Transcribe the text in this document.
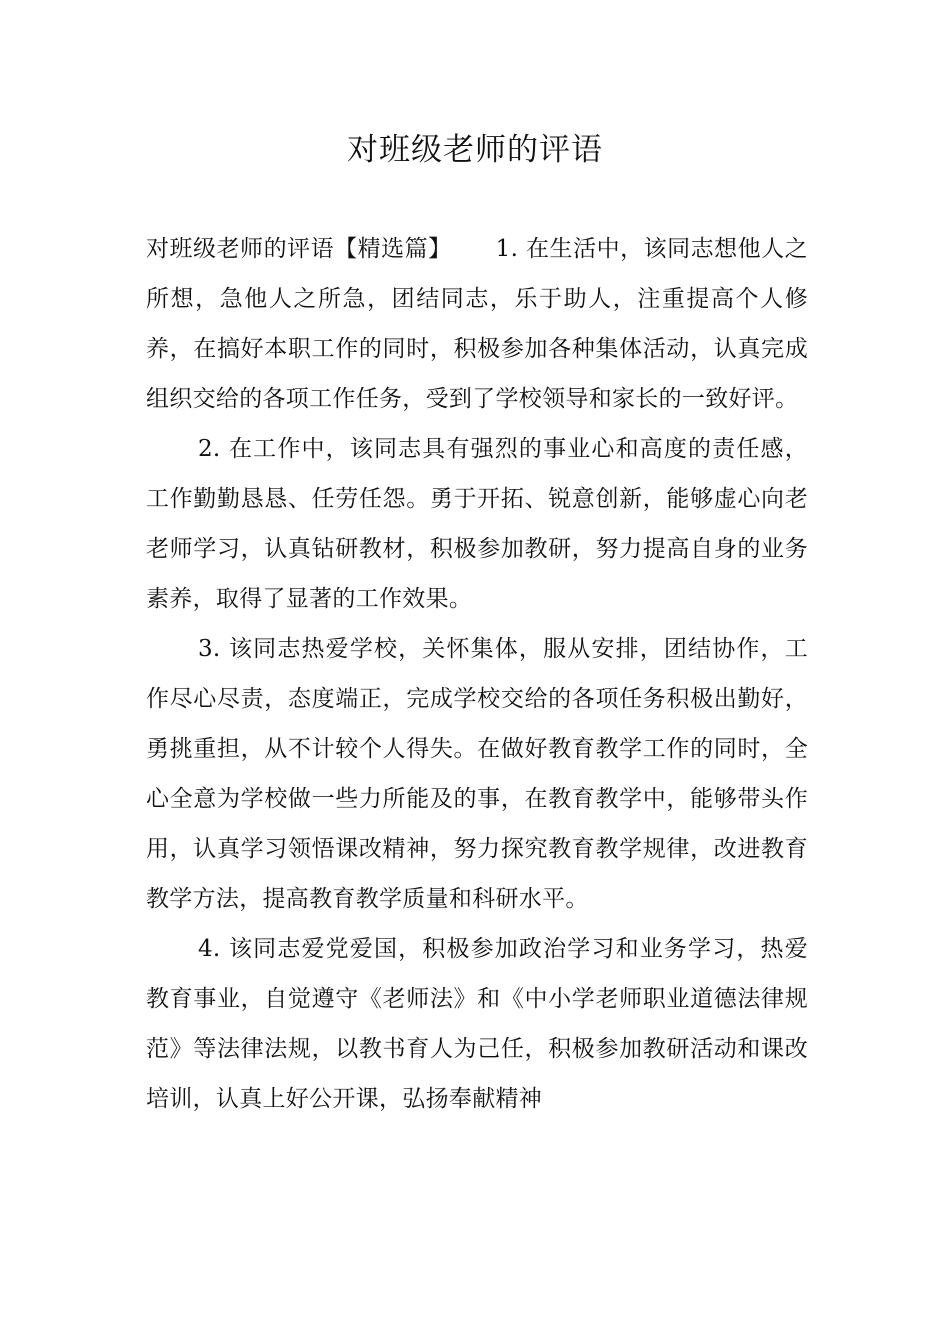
对班级老师的评语

对班级老师的评语【精选篇】 1. 在生活中，该同志想他人之所想，急他人之所急，团结同志，乐于助人，注重提高个人修养，在搞好本职工作的同时，积极参加各种集体活动，认真完成组织交给的各项工作任务，受到了学校领导和家长的一致好评。

2. 在工作中，该同志具有强烈的事业心和高度的责任感，工作勤勤恳恳、任劳任怨。勇于开拓、锐意创新，能够虚心向老老师学习，认真钻研教材，积极参加教研，努力提高自身的业务素养，取得了显著的工作效果。

3. 该同志热爱学校，关怀集体，服从安排，团结协作，工作尽心尽责，态度端正，完成学校交给的各项任务积极出勤好，勇挑重担，从不计较个人得失。在做好教育教学工作的同时，全心全意为学校做一些力所能及的事，在教育教学中，能够带头作用，认真学习领悟课改精神，努力探究教育教学规律，改进教育教学方法，提高教育教学质量和科研水平。

4. 该同志爱党爱国，积极参加政治学习和业务学习，热爱教育事业，自觉遵守《老师法》和《中小学老师职业道德法律规范》等法律法规，以教书育人为己任，积极参加教研活动和课改培训，认真上好公开课，弘扬奉献精神
